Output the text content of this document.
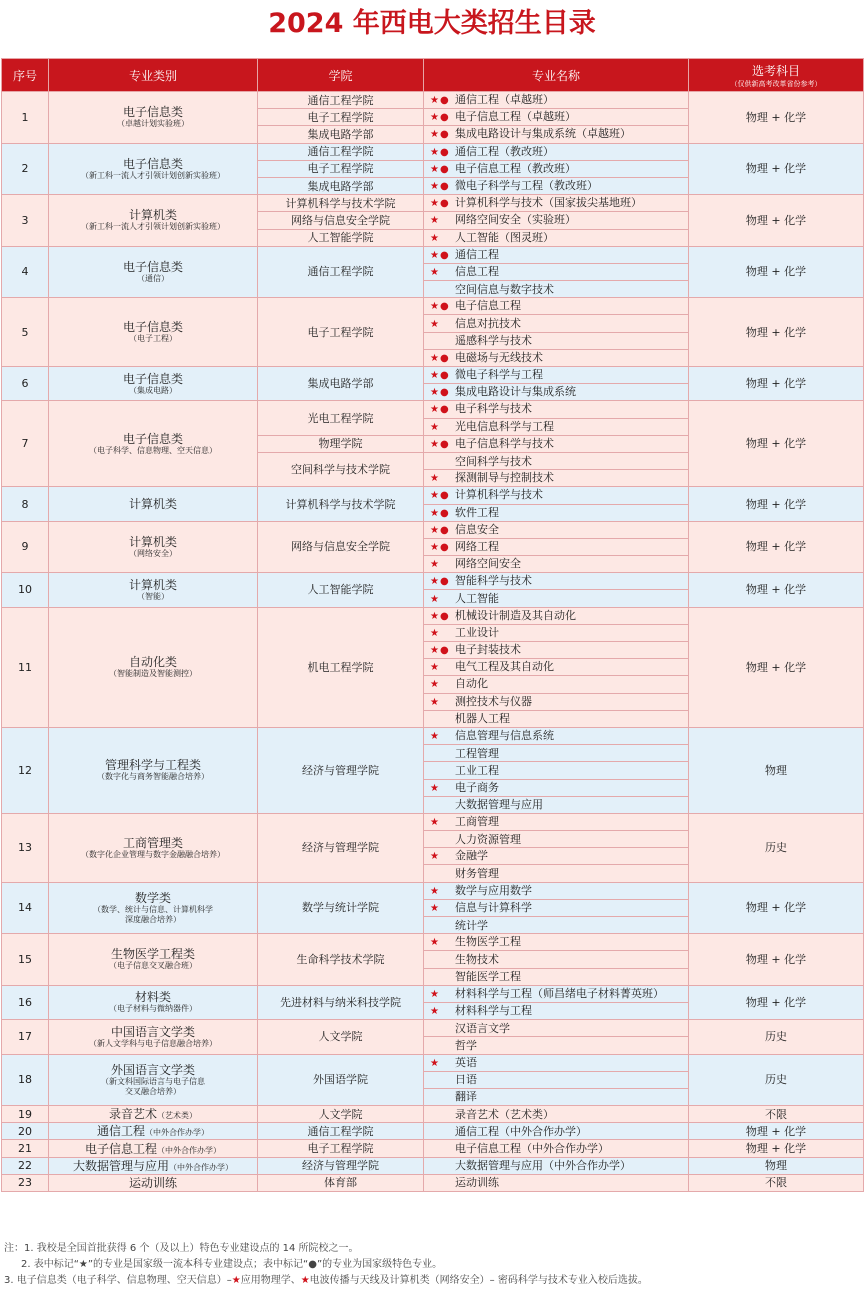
2024 年西电大类招生目录
序号	专业类别	学院	专业名称	选考科目
（仅供新高考改革省份参考）

1	电子信息类
（卓越计划实验班）	通信工程学院	★● 通信工程（卓越班）	物理 + 化学
		电子工程学院	★● 电子信息工程（卓越班）	
		集成电路学部	★● 集成电路设计与集成系统（卓越班）	
2	电子信息类
（新工科一流人才引领计划创新实验班）	通信工程学院	★● 通信工程（教改班）	物理 + 化学
		电子工程学院	★● 电子信息工程（教改班）	
		集成电路学部	★● 微电子科学与工程（教改班）	
3	计算机类
（新工科一流人才引领计划创新实验班）	计算机科学与技术学院	★● 计算机科学与技术（国家拔尖基地班）	物理 + 化学
		网络与信息安全学院	★ 网络空间安全（实验班）	
		人工智能学院	★ 人工智能（图灵班）	
4	电子信息类
（通信）	通信工程学院	★● 通信工程	物理 + 化学
			★ 信息工程	
			空间信息与数字技术	
5	电子信息类
（电子工程）	电子工程学院	★● 电子信息工程	物理 + 化学
			★ 信息对抗技术	
			遥感科学与技术	
			★● 电磁场与无线技术	
6	电子信息类
（集成电路）	集成电路学部	★● 微电子科学与工程	物理 + 化学
			★● 集成电路设计与集成系统	
7	电子信息类
（电子科学、信息物理、空天信息）	光电工程学院	★● 电子科学与技术	物理 + 化学
			★ 光电信息科学与工程	
		物理学院	★● 电子信息科学与技术	
		空间科学与技术学院	空间科学与技术	
			★ 探测制导与控制技术	
8	计算机类	计算机科学与技术学院	★● 计算机科学与技术	物理 + 化学
			★● 软件工程	
9	计算机类
（网络安全）	网络与信息安全学院	★● 信息安全	物理 + 化学
			★● 网络工程	
			★ 网络空间安全	
10	计算机类
（智能）	人工智能学院	★● 智能科学与技术	物理 + 化学
			★ 人工智能	
11	自动化类
（智能制造及智能测控）	机电工程学院	★● 机械设计制造及其自动化	物理 + 化学
			★ 工业设计	
			★● 电子封装技术	
			★ 电气工程及其自动化	
			★ 自动化	
			★ 测控技术与仪器	
			机器人工程	
12	管理科学与工程类
（数字化与商务智能融合培养）	经济与管理学院	★ 信息管理与信息系统	物理
			工程管理	
			工业工程	
			★ 电子商务	
			大数据管理与应用	
13	工商管理类
（数字化企业管理与数字金融融合培养）	经济与管理学院	★ 工商管理	历史
			人力资源管理	
			★ 金融学	
			财务管理	
14	数学类
（数学、统计与信息、计算机科学
深度融合培养）	数学与统计学院	★ 数学与应用数学	物理 + 化学
			★ 信息与计算科学	
			统计学	
15	生物医学工程类
（电子信息交叉融合班）	生命科学技术学院	★ 生物医学工程	物理 + 化学
			生物技术	
			智能医学工程	
16	材料类
（电子材料与微纳器件）	先进材料与纳米科技学院	★ 材料科学与工程（师昌绪电子材料菁英班）	物理 + 化学
			★ 材料科学与工程	
17	中国语言文学类
（新人文学科与电子信息融合培养）	人文学院	汉语言文学	历史
			哲学	
18	外国语言文学类
（新文科国际语言与电子信息
交叉融合培养）	外国语学院	★ 英语	历史
			日语	
			翻译	
19	录音艺术（艺术类）	人文学院	录音艺术（艺术类）	不限
20	通信工程（中外合作办学）	通信工程学院	通信工程（中外合作办学）	物理 + 化学
21	电子信息工程（中外合作办学）	电子工程学院	电子信息工程（中外合作办学）	物理 + 化学
22	大数据管理与应用（中外合作办学）	经济与管理学院	大数据管理与应用（中外合作办学）	物理
23	运动训练	体育部	运动训练	不限
注：1. 我校是全国首批获得 6 个（及以上）特色专业建设点的 14 所院校之一。
2. 表中标记“★”的专业是国家级一流本科专业建设点；表中标记“●”的专业为国家级特色专业。
3. 电子信息类（电子科学、信息物理、空天信息）–★应用物理学、★电波传播与天线及计算机类（网络安全）– 密码科学与技术专业入校后选拔。
